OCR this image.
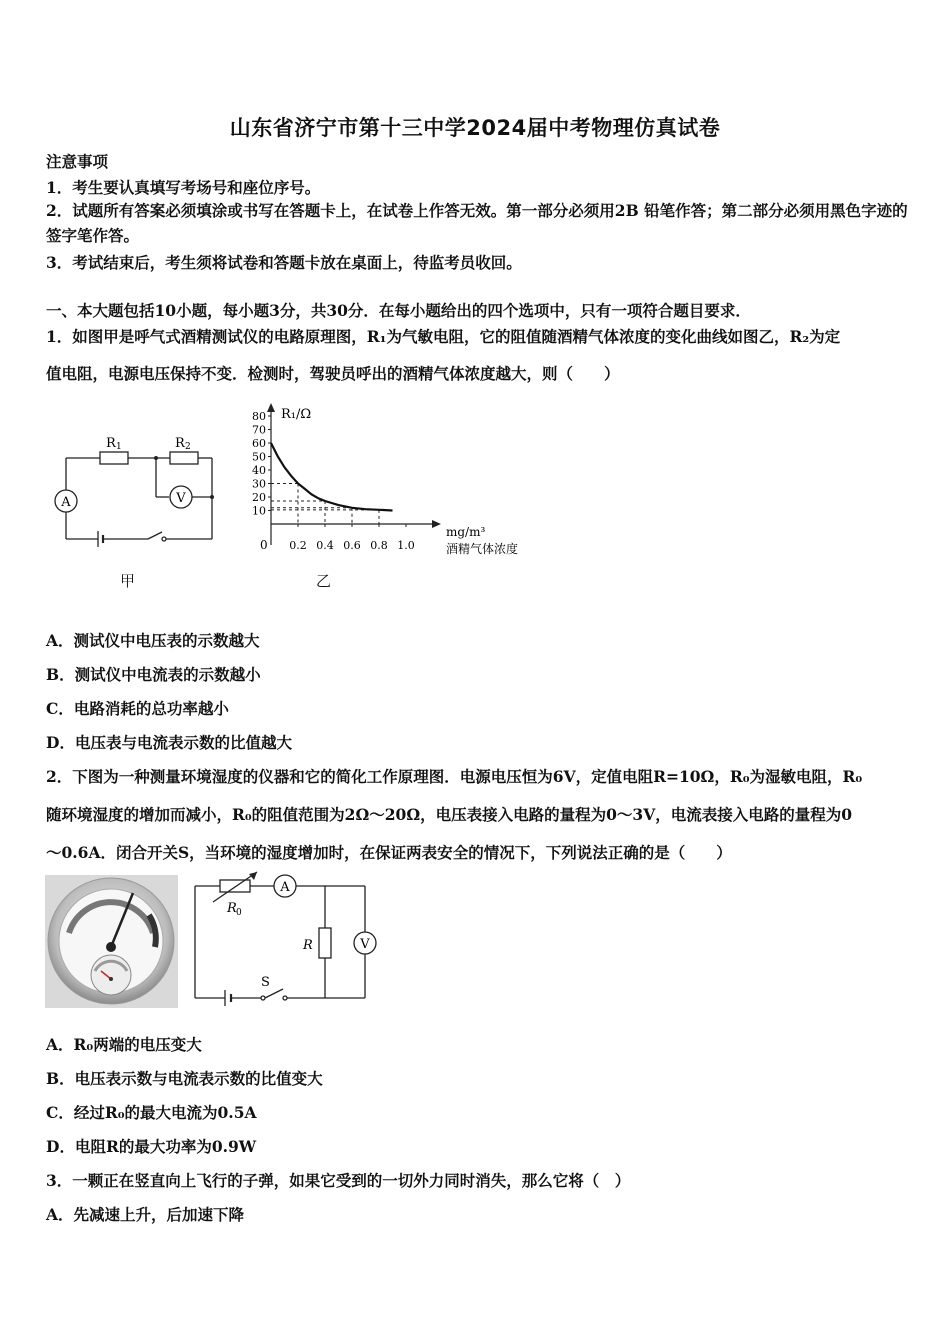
山东省济宁市第十三中学2024届中考物理仿真试卷
注意事项
1．考生要认真填写考场号和座位序号。
2．试题所有答案必须填涂或书写在答题卡上，在试卷上作答无效。第一部分必须用2B 铅笔作答；第二部分必须用黑色字迹的签字笔作答。
3．考试结束后，考生须将试卷和答题卡放在桌面上，待监考员收回。
一、本大题包括10小题，每小题3分，共30分．在每小题给出的四个选项中，只有一项符合题目要求．
1．如图甲是呼气式酒精测试仪的电路原理图，R₁为气敏电阻，它的阻值随酒精气体浓度的变化曲线如图乙，R₂为定
值电阻，电源电压保持不变．检测时，驾驶员呼出的酒精气体浓度越大，则（　　）
A	V
R 1	R 2
甲
10
20
30
40
50
60
70
80
0.2 0.4 0.6 0.8 1.0
R₁/Ω
mg/m³
酒精气体浓度
0
乙
A．测试仪中电压表的示数越大
B．测试仪中电流表的示数越小
C．电路消耗的总功率越小
D．电压表与电流表示数的比值越大
2．下图为一种测量环境湿度的仪器和它的简化工作原理图．电源电压恒为6V，定值电阻R=10Ω，R₀为湿敏电阻，R₀
随环境湿度的增加而减小，R₀的阻值范围为2Ω～20Ω，电压表接入电路的量程为0～3V，电流表接入电路的量程为0
～0.6A．闭合开关S，当环境的湿度增加时，在保证两表安全的情况下，下列说法正确的是（　　）
A
V
R 0
R
S
A．R₀两端的电压变大
B．电压表示数与电流表示数的比值变大
C．经过R₀的最大电流为0.5A
D．电阻R的最大功率为0.9W
3．一颗正在竖直向上飞行的子弹，如果它受到的一切外力同时消失，那么它将（　）
A．先减速上升，后加速下降
